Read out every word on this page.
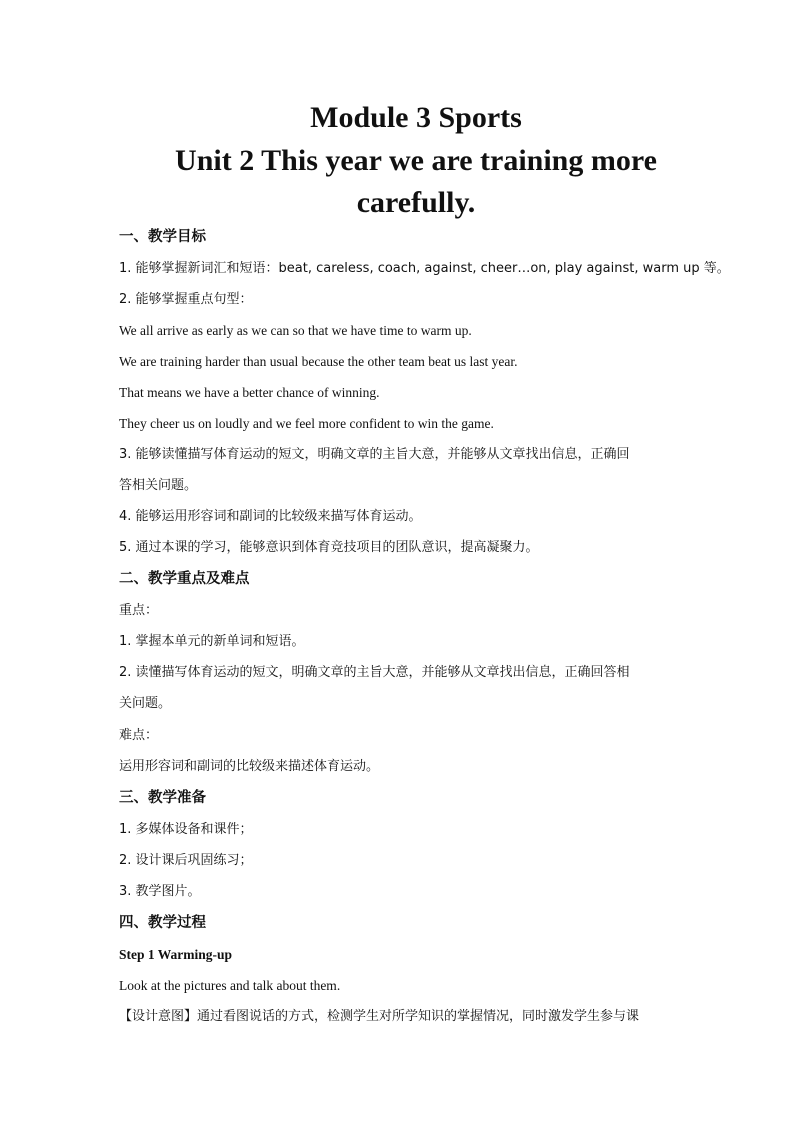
Module 3 Sports
Unit 2 This year we are training more
carefully.
一、教学目标
1. 能够掌握新词汇和短语：beat, careless, coach, against, cheer…on, play against, warm up 等。
2. 能够掌握重点句型：
We all arrive as early as we can so that we have time to warm up.
We are training harder than usual because the other team beat us last year.
That means we have a better chance of winning.
They cheer us on loudly and we feel more confident to win the game.
3. 能够读懂描写体育运动的短文，明确文章的主旨大意，并能够从文章找出信息，正确回
答相关问题。
4. 能够运用形容词和副词的比较级来描写体育运动。
5. 通过本课的学习，能够意识到体育竞技项目的团队意识，提高凝聚力。
二、教学重点及难点
重点：
1. 掌握本单元的新单词和短语。
2. 读懂描写体育运动的短文，明确文章的主旨大意，并能够从文章找出信息，正确回答相
关问题。
难点：
运用形容词和副词的比较级来描述体育运动。
三、教学准备
1. 多媒体设备和课件；
2. 设计课后巩固练习；
3. 教学图片。
四、教学过程
Step 1 Warming-up
Look at the pictures and talk about them.
【设计意图】通过看图说话的方式，检测学生对所学知识的掌握情况，同时激发学生参与课
